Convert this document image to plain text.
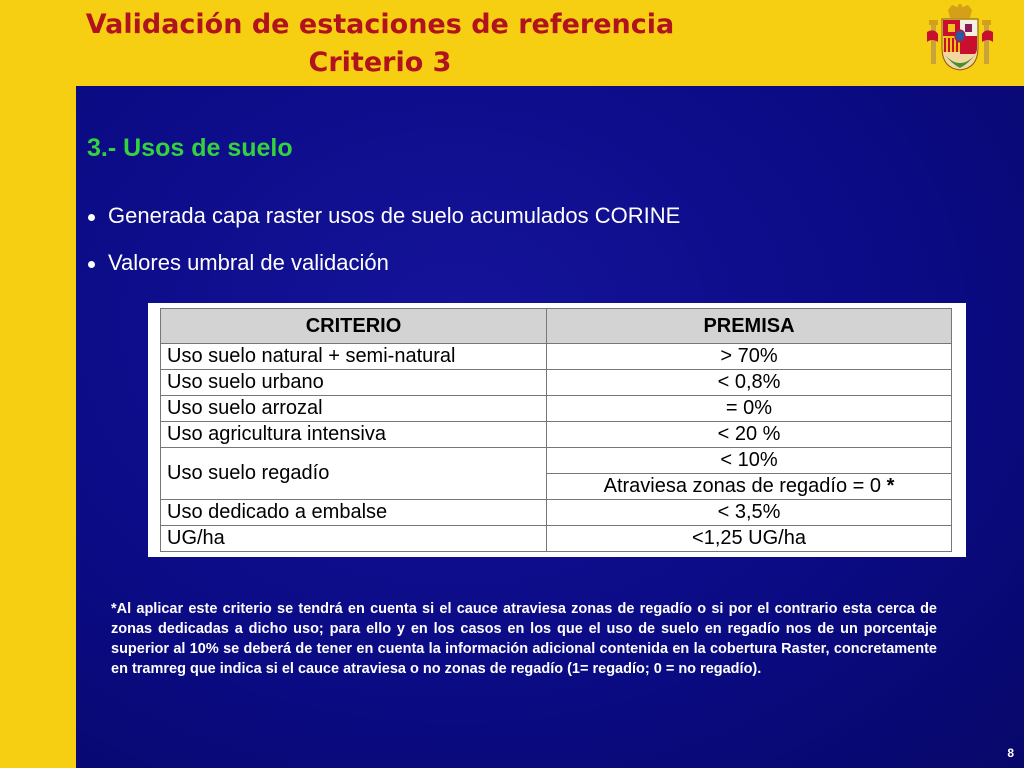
Validación de estaciones de referencia
Criterio 3
3.- Usos de suelo
Generada capa raster usos de suelo acumulados CORINE
Valores umbral de validación
CRITERIO	PREMISA
Uso suelo natural + semi-natural	> 70%
Uso suelo urbano	< 0,8%
Uso suelo arrozal	= 0%
Uso agricultura intensiva	< 20 %
Uso suelo regadío	< 10%
	Atraviesa zonas de regadío = 0 *
Uso dedicado a embalse	< 3,5%
UG/ha	<1,25 UG/ha

*Al aplicar este criterio se tendrá en cuenta si el cauce atraviesa zonas de regadío o si por el contrario esta cerca de zonas dedicadas a dicho uso; para ello y en los casos en los que el uso de suelo en regadío nos de un porcentaje superior al 10% se deberá de tener en cuenta la información adicional contenida en la cobertura Raster, concretamente en tramreg que indica si el cauce atraviesa o no zonas de regadío (1= regadío; 0 = no regadío).

8
